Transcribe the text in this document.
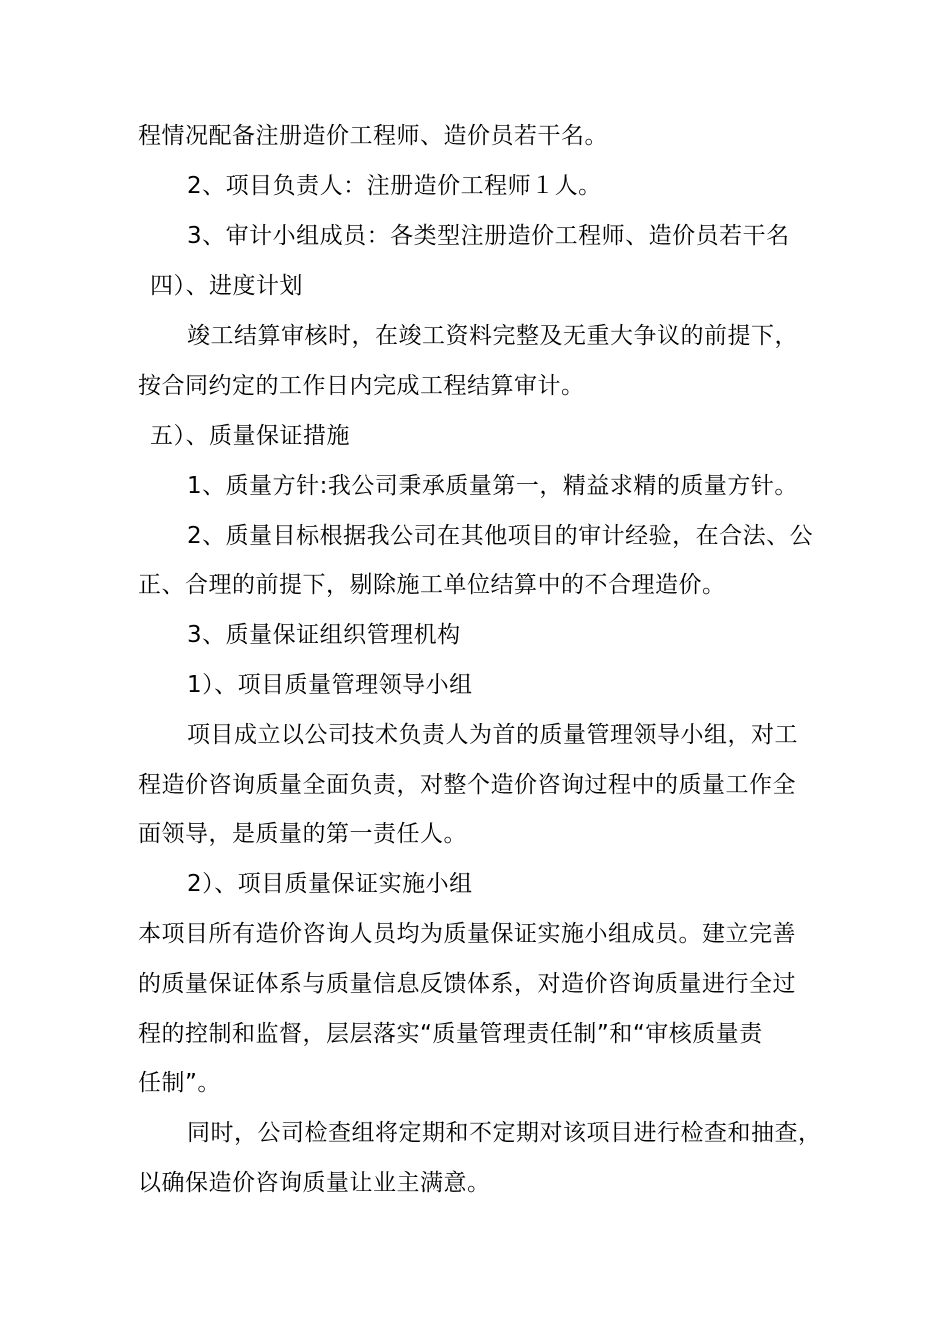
程情况配备注册造价工程师、造价员若干名。
2、项目负责人：注册造价工程师１人。
3、审计小组成员：各类型注册造价工程师、造价员若干名
四）、进度计划
竣工结算审核时，在竣工资料完整及无重大争议的前提下，
按合同约定的工作日内完成工程结算审计。
五）、质量保证措施
1、质量方针:我公司秉承质量第一，精益求精的质量方针。
2、质量目标根据我公司在其他项目的审计经验，在合法、公
正、合理的前提下，剔除施工单位结算中的不合理造价。
3、质量保证组织管理机构
1）、项目质量管理领导小组
项目成立以公司技术负责人为首的质量管理领导小组，对工
程造价咨询质量全面负责，对整个造价咨询过程中的质量工作全
面领导，是质量的第一责任人。
2）、项目质量保证实施小组
本项目所有造价咨询人员均为质量保证实施小组成员。建立完善
的质量保证体系与质量信息反馈体系，对造价咨询质量进行全过
程的控制和监督，层层落实“质量管理责任制”和“审核质量责
任制”。
同时，公司检查组将定期和不定期对该项目进行检查和抽查，
以确保造价咨询质量让业主满意。
